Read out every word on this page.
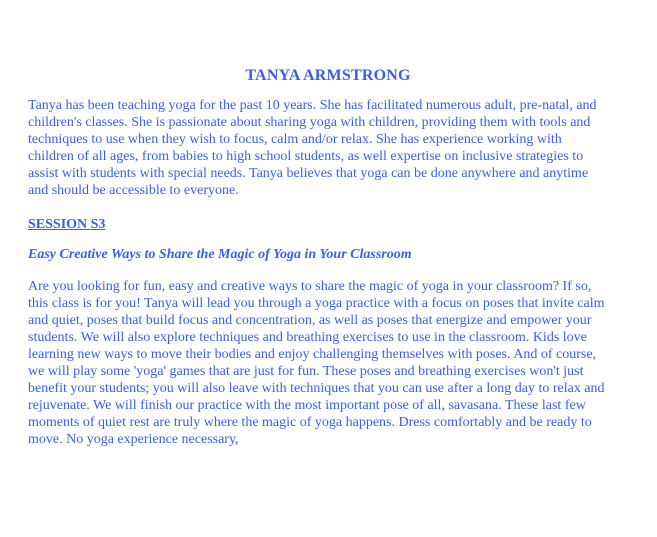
TANYA ARMSTRONG
Tanya has been teaching yoga for the past 10 years. She has facilitated numerous adult, pre-natal, and
children's classes. She is passionate about sharing yoga with children, providing them with tools and
techniques to use when they wish to focus, calm and/or relax. She has experience working with
children of all ages, from babies to high school students, as well expertise on inclusive strategies to
assist with students with special needs. Tanya believes that yoga can be done anywhere and anytime
and should be accessible to everyone.
SESSION S3
Easy Creative Ways to Share the Magic of Yoga in Your Classroom
Are you looking for fun, easy and creative ways to share the magic of yoga in your classroom? If so,
this class is for you! Tanya will lead you through a yoga practice with a focus on poses that invite calm
and quiet, poses that build focus and concentration, as well as poses that energize and empower your
students. We will also explore techniques and breathing exercises to use in the classroom. Kids love
learning new ways to move their bodies and enjoy challenging themselves with poses. And of course,
we will play some 'yoga' games that are just for fun. These poses and breathing exercises won't just
benefit your students; you will also leave with techniques that you can use after a long day to relax and
rejuvenate. We will finish our practice with the most important pose of all, savasana. These last few
moments of quiet rest are truly where the magic of yoga happens. Dress comfortably and be ready to
move. No yoga experience necessary,
